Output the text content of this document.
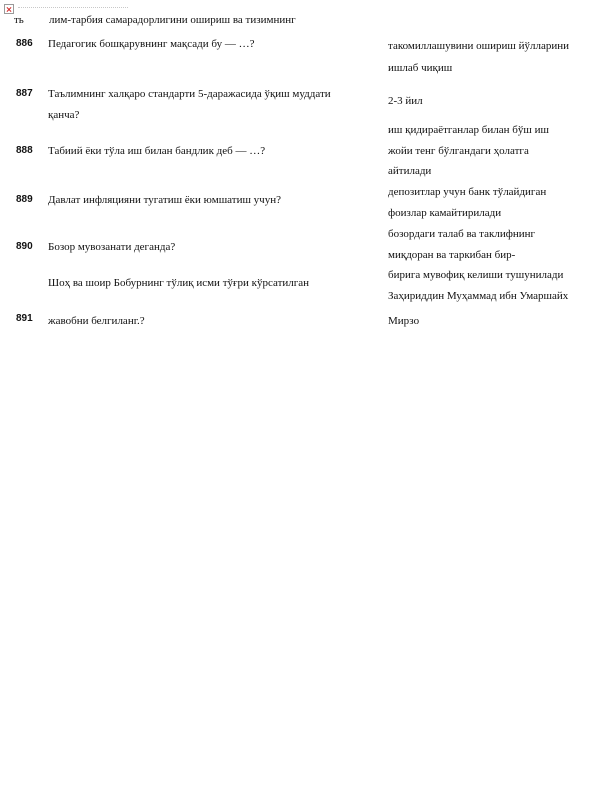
ть лим-тарбия самарадорлигини ошириш ва тизимнинг
886 Педагогик бошқарувнинг мақсади бу — …?	такомиллашувини ошириш йўлларини
ишлаб чиқиш
887 Таълимнинг халқаро стандарти 5-даражасида ўқиш муддати
қанча?
2-3 йил
888 Табиий ёки тўла иш билан бандлик деб — …?
иш қидираётганлар билан бўш иш
жойи тенг бўлгандаги ҳолатга
айтилади
889 Давлат инфляцияни тугатиш ёки юмшатиш учун?
депозитлар учун банк тўлайдиган
фоизлар камайтирилади
890 Бозор мувозанати деганда?
бозордаги талаб ва таклифнинг
миқдоран ва таркибан бир-
бирига мувофиқ келиши тушунилади
Шоҳ ва шоир Бобурнинг тўлиқ исми тўғри кўрсатилган
891 жавобни белгиланг.?
Заҳириддин Муҳаммад ибн Умаршайх
Мирзо
